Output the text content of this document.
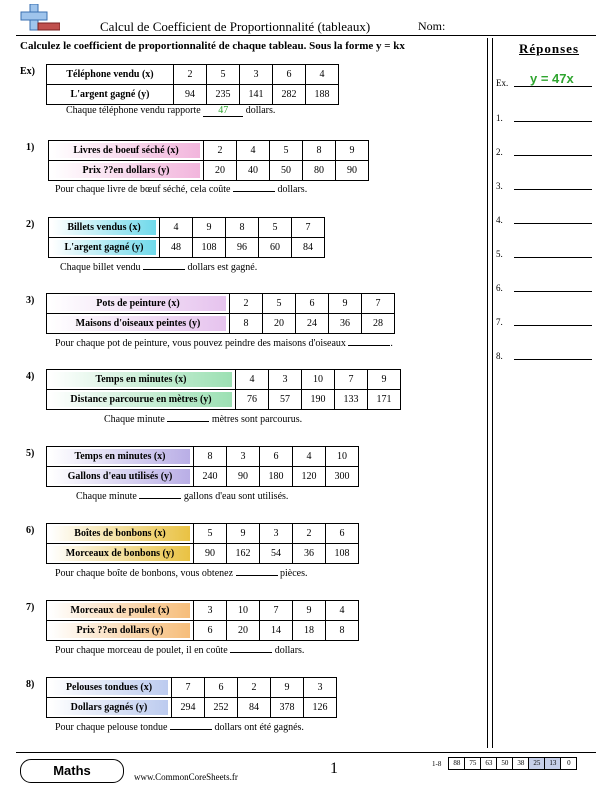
Calcul de Coefficient de Proportionnalité (tableaux)	Nom:
Calculez le coefficient de proportionnalité de chaque tableau. Sous la forme y = kx	Réponses
Ex. y = 47x
1.
2.
3.
4.
5.
6.
7.
8.
Ex)	Téléphone vendu (x)	2	5	3	6	4

L'argent gagné (y)	94	235	141	282	188
Chaque téléphone vendu rapporte 47 dollars.
1)	Livres de boeuf séché (x)	2	4	5	8	9

Prix ??en dollars (y)	20	40	50	80	90
Pour chaque livre de bœuf séché, cela coûte	dollars.
2)	Billets vendus (x)	4	9	8	5	7

L'argent gagné (y)	48	108	96	60	84
Chaque billet vendu	dollars est gagné.
3)	Pots de peinture (x)	2	5	6	9	7

Maisons d'oiseaux peintes (y)	8	20	24	36	28
Pour chaque pot de peinture, vous pouvez peindre des maisons d'oiseaux	.
4)	Temps en minutes (x)	4	3	10	7	9

Distance parcourue en mètres (y)	76	57	190	133	171
Chaque minute	mètres sont parcourus.
5)	Temps en minutes (x)	8	3	6	4	10

Gallons d'eau utilisés (y)	240	90	180	120	300
Chaque minute	gallons d'eau sont utilisés.
6)	Boîtes de bonbons (x)	5	9	3	2	6

Morceaux de bonbons (y)	90	162	54	36	108
Pour chaque boîte de bonbons, vous obtenez	pièces.
7)	Morceaux de poulet (x)	3	10	7	9	4

Prix ??en dollars (y)	6	20	14	18	8
Pour chaque morceau de poulet, il en coûte	dollars.
8)	Pelouses tondues (x)	7	6	2	9	3

Dollars gagnés (y)	294	252	84	378	126
Pour chaque pelouse tondue	dollars ont été gagnés.
Maths	www.CommonCoreSheets.fr	1	1-8	88	75	63	50	38	25	13	0
